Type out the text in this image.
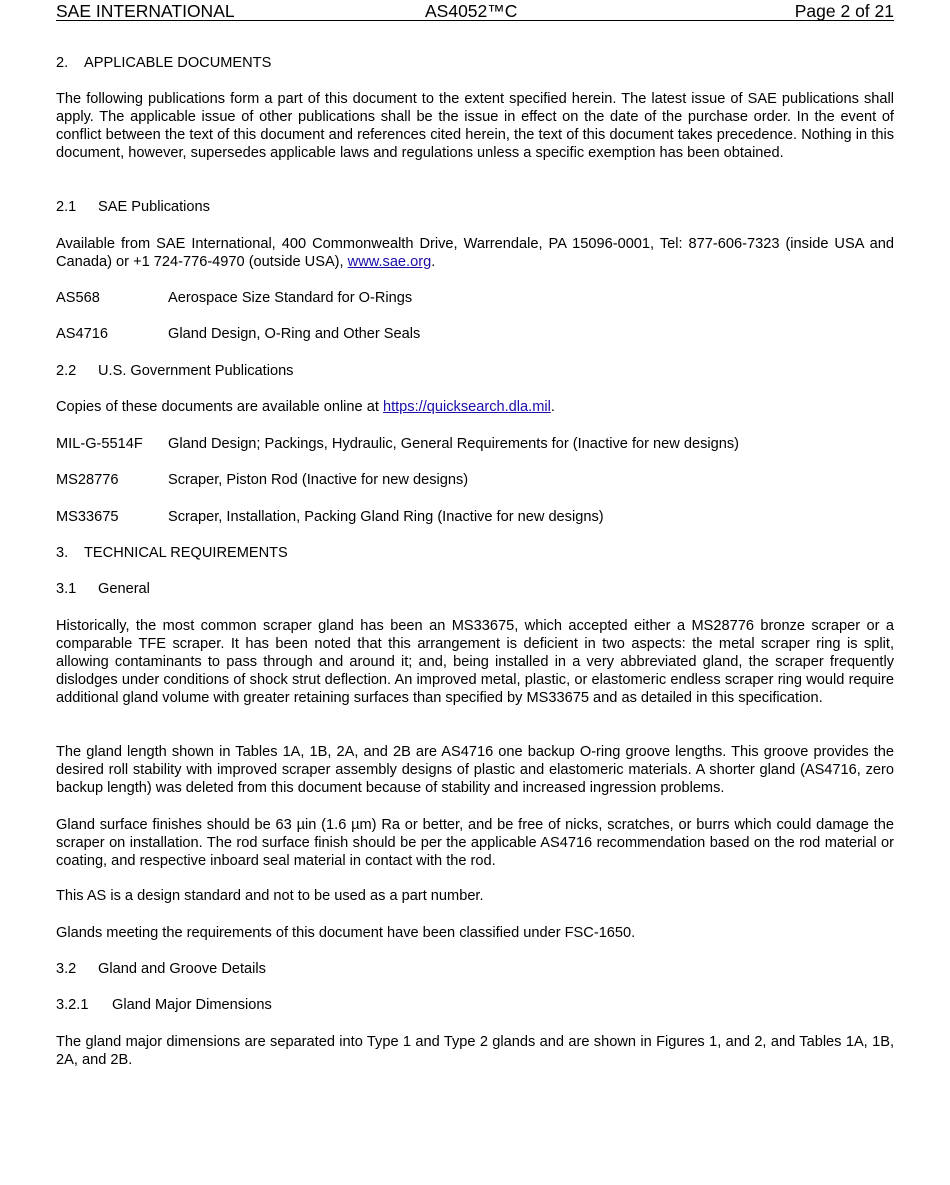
SAE INTERNATIONAL	AS4052™C	Page 2 of 21
2. APPLICABLE DOCUMENTS

The following publications form a part of this document to the extent specified herein. The latest issue of SAE publications shall apply. The applicable issue of other publications shall be the issue in effect on the date of the purchase order. In the event of conflict between the text of this document and references cited herein, the text of this document takes precedence. Nothing in this document, however, supersedes applicable laws and regulations unless a specific exemption has been obtained.

2.1 SAE Publications

Available from SAE International, 400 Commonwealth Drive, Warrendale, PA 15096-0001, Tel: 877-606-7323 (inside USA and Canada) or +1 724-776-4970 (outside USA), www.sae.org.

AS568	Aerospace Size Standard for O-Rings
AS4716	Gland Design, O-Ring and Other Seals
2.2 U.S. Government Publications

Copies of these documents are available online at https://quicksearch.dla.mil.

MIL-G-5514F Gland Design; Packings, Hydraulic, General Requirements for (Inactive for new designs)
MS28776	Scraper, Piston Rod (Inactive for new designs)
MS33675	Scraper, Installation, Packing Gland Ring (Inactive for new designs)
3. TECHNICAL REQUIREMENTS
3.1 General

Historically, the most common scraper gland has been an MS33675, which accepted either a MS28776 bronze scraper or a comparable TFE scraper. It has been noted that this arrangement is deficient in two aspects: the metal scraper ring is split, allowing contaminants to pass through and around it; and, being installed in a very abbreviated gland, the scraper frequently dislodges under conditions of shock strut deflection. An improved metal, plastic, or elastomeric endless scraper ring would require additional gland volume with greater retaining surfaces than specified by MS33675 and as detailed in this specification.

The gland length shown in Tables 1A, 1B, 2A, and 2B are AS4716 one backup O-ring groove lengths. This groove provides the desired roll stability with improved scraper assembly designs of plastic and elastomeric materials. A shorter gland (AS4716, zero backup length) was deleted from this document because of stability and increased ingression problems.

Gland surface finishes should be 63 µin (1.6 µm) Ra or better, and be free of nicks, scratches, or burrs which could damage the scraper on installation. The rod surface finish should be per the applicable AS4716 recommendation based on the rod material or coating, and respective inboard seal material in contact with the rod.

This AS is a design standard and not to be used as a part number.

Glands meeting the requirements of this document have been classified under FSC-1650.

3.2 Gland and Groove Details
3.2.1 Gland Major Dimensions

The gland major dimensions are separated into Type 1 and Type 2 glands and are shown in Figures 1, and 2, and Tables 1A, 1B, 2A, and 2B.
